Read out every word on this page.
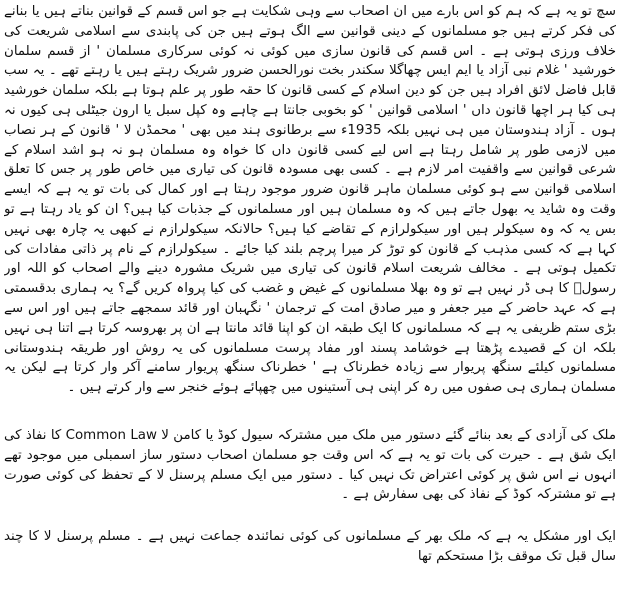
سچ تو یہ ہے کہ ہم کو اس بارے میں ان اصحاب سے وہی شکایت ہے جو اس قسم کے قوانین بناتے ہیں یا بنانے کی فکر کرتے ہیں جو مسلمانوں کے دینی قوانین سے الگ ہوتے ہیں جن کی پابندی سے اسلامی شریعت کی خلاف ورزی ہوتی ہے ۔ اس قسم کی قانون سازی میں کوئی نہ کوئی سرکاری مسلمان ' از قسم سلمان خورشید ' غلام نبی آزاد یا ایم ایس چھاگلا سکندر بخت نورالحسن ضرور شریک رہتے ہیں یا رہتے تھے ۔ یہ سب قابل فاضل لائق افراد ہیں جن کو دین اسلام کے کسی قانون کا حقہ طور پر علم ہوتا ہے بلکہ سلمان خورشید ہی کیا ہر اچھا قانون داں ' اسلامی قوانین ' کو بخوبی جانتا ہے چاہے وہ کپل سبل یا ارون جیٹلی ہی کیوں نہ ہوں ۔ آزاد ہندوستان میں ہی نہیں بلکہ 1935ء سے برطانوی ہند میں بھی ' محمڈن لا ' قانون کے ہر نصاب میں لازمی طور پر شامل رہتا ہے اس لیے کسی قانون داں کا خواہ وہ مسلمان ہو نہ ہو اشد اسلام کے شرعی قوانین سے واقفیت امر لازم ہے ۔ کسی بھی مسودہ قانون کی تیاری میں خاص طور پر جس کا تعلق اسلامی قوانین سے ہو کوئی مسلمان ماہر قانون ضرور موجود رہتا ہے اور کمال کی بات تو یہ ہے کہ ایسے وقت وہ شاید یہ بھول جاتے ہیں کہ وہ مسلمان ہیں اور مسلمانوں کے جذبات کیا ہیں؟ ان کو یاد رہتا ہے تو بس یہ کہ وہ سیکولر ہیں اور سیکولرازم کے تقاضے کیا ہیں؟ حالانکہ سیکولرازم نے کبھی یہ چارہ بھی نہیں کہا ہے کہ کسی مذہب کے قانون کو توڑ کر میرا پرچم بلند کیا جائے ۔ سیکولرازم کے نام پر ذاتی مفادات کی تکمیل ہوتی ہے ۔ مخالف شریعت اسلام قانون کی تیاری میں شریک مشورہ دینے والے اصحاب کو اللہ اور رسولؐ کا ہی ڈر نہیں ہے تو وہ بھلا مسلمانوں کے غیض و غضب کی کیا پرواہ کریں گے؟ یہ ہماری بدقسمتی ہے کہ عہد حاضر کے میر جعفر و میر صادق امت کے ترجمان ' نگہبان اور قائد سمجھے جاتے ہیں اور اس سے بڑی ستم ظریفی یہ ہے کہ مسلمانوں کا ایک طبقہ ان کو اپنا قائد مانتا ہے ان پر بھروسہ کرتا ہے اتنا ہی نہیں بلکہ ان کے قصیدے پڑھتا ہے خوشامد پسند اور مفاد پرست مسلمانوں کی یہ روش اور طریقہ ہندوستانی مسلمانوں کیلئے سنگھ پریوار سے زیادہ خطرناک ہے ' خطرناک سنگھ پریوار سامنے آکر وار کرتا ہے لیکن یہ مسلمان ہماری ہی صفوں میں رہ کر اپنی ہی آستینوں میں چھپائے ہوئے خنجر سے وار کرتے ہیں ۔

ملک کی آزادی کے بعد بنائے گئے دستور میں ملک میں مشترکہ سیول کوڈ یا کامن لا Common Law کا نفاذ کی ایک شق ہے ۔ حیرت کی بات تو یہ ہے کہ اس وقت جو مسلمان اصحاب دستور ساز اسمبلی میں موجود تھے انہوں نے اس شق پر کوئی اعتراض تک نہیں کیا ۔ دستور میں ایک مسلم پرسنل لا کے تحفظ کی کوئی صورت ہے تو مشترکہ کوڈ کے نفاذ کی بھی سفارش ہے ۔

ایک اور مشکل یہ ہے کہ ملک بھر کے مسلمانوں کی کوئی نمائندہ جماعت نہیں ہے ۔ مسلم پرسنل لا کا چند سال قبل تک موقف بڑا مستحکم تھا
